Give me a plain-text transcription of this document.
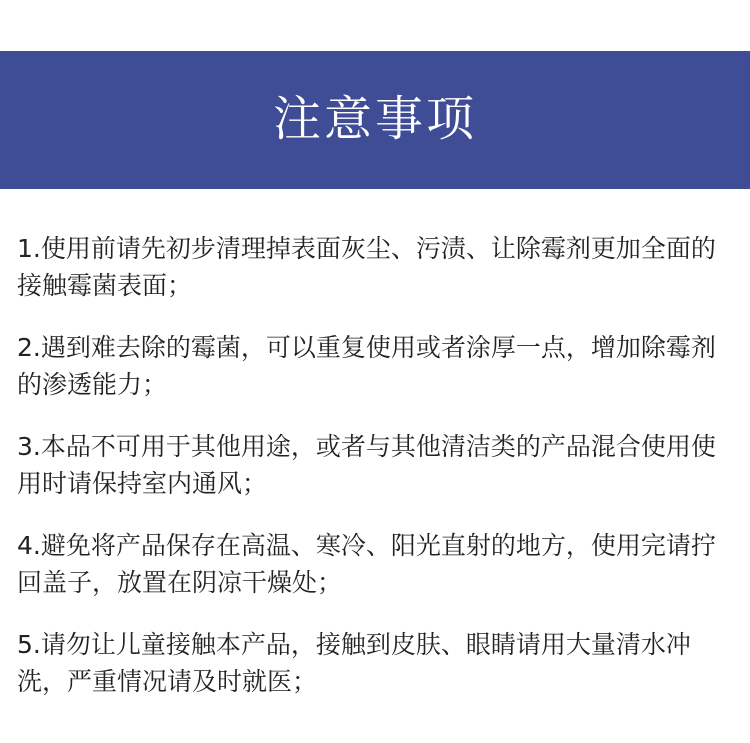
注意事项
1.使用前请先初步清理掉表面灰尘、污渍、让除霉剂更加全面的接触霉菌表面；
2.遇到难去除的霉菌，可以重复使用或者涂厚一点，增加除霉剂的渗透能力；
3.本品不可用于其他用途，或者与其他清洁类的产品混合使用使用时请保持室内通风；
4.避免将产品保存在高温、寒冷、阳光直射的地方，使用完请拧回盖子，放置在阴凉干燥处；
5.请勿让儿童接触本产品，接触到皮肤、眼睛请用大量清水冲洗，严重情况请及时就医；
